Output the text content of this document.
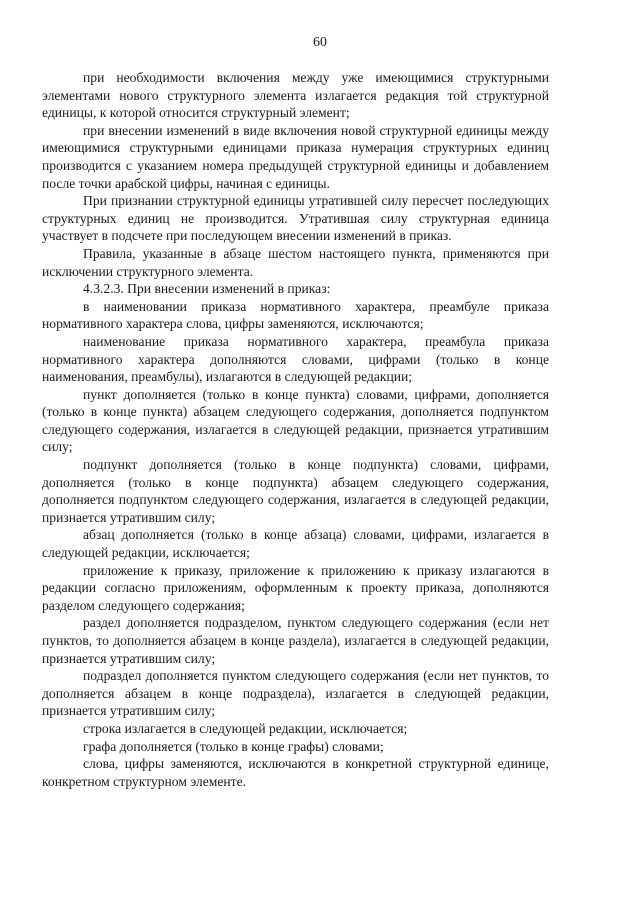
60

при необходимости включения между уже имеющимися структурными элементами нового структурного элемента излагается редакция той структурной единицы, к которой относится структурный элемент;

при внесении изменений в виде включения новой структурной единицы между имеющимися структурными единицами приказа нумерация структурных единиц производится с указанием номера предыдущей структурной единицы и добавлением после точки арабской цифры, начиная с единицы.

При признании структурной единицы утратившей силу пересчет последующих структурных единиц не производится. Утратившая силу структурная единица участвует в подсчете при последующем внесении изменений в приказ.

Правила, указанные в абзаце шестом настоящего пункта, применяются при исключении структурного элемента.

4.3.2.3. При внесении изменений в приказ:

в наименовании приказа нормативного характера, преамбуле приказа нормативного характера слова, цифры заменяются, исключаются;

наименование приказа нормативного характера, преамбула приказа нормативного характера дополняются словами, цифрами (только в конце наименования, преамбулы), излагаются в следующей редакции;

пункт дополняется (только в конце пункта) словами, цифрами, дополняется (только в конце пункта) абзацем следующего содержания, дополняется подпунктом следующего содержания, излагается в следующей редакции, признается утратившим силу;

подпункт дополняется (только в конце подпункта) словами, цифрами, дополняется (только в конце подпункта) абзацем следующего содержания, дополняется подпунктом следующего содержания, излагается в следующей редакции, признается утратившим силу;

абзац дополняется (только в конце абзаца) словами, цифрами, излагается в следующей редакции, исключается;

приложение к приказу, приложение к приложению к приказу излагаются в редакции согласно приложениям, оформленным к проекту приказа, дополняются разделом следующего содержания;

раздел дополняется подразделом, пунктом следующего содержания (если нет пунктов, то дополняется абзацем в конце раздела), излагается в следующей редакции, признается утратившим силу;

подраздел дополняется пунктом следующего содержания (если нет пунктов, то дополняется абзацем в конце подраздела), излагается в следующей редакции, признается утратившим силу;

строка излагается в следующей редакции, исключается;

графа дополняется (только в конце графы) словами;

слова, цифры заменяются, исключаются в конкретной структурной единице, конкретном структурном элементе.
